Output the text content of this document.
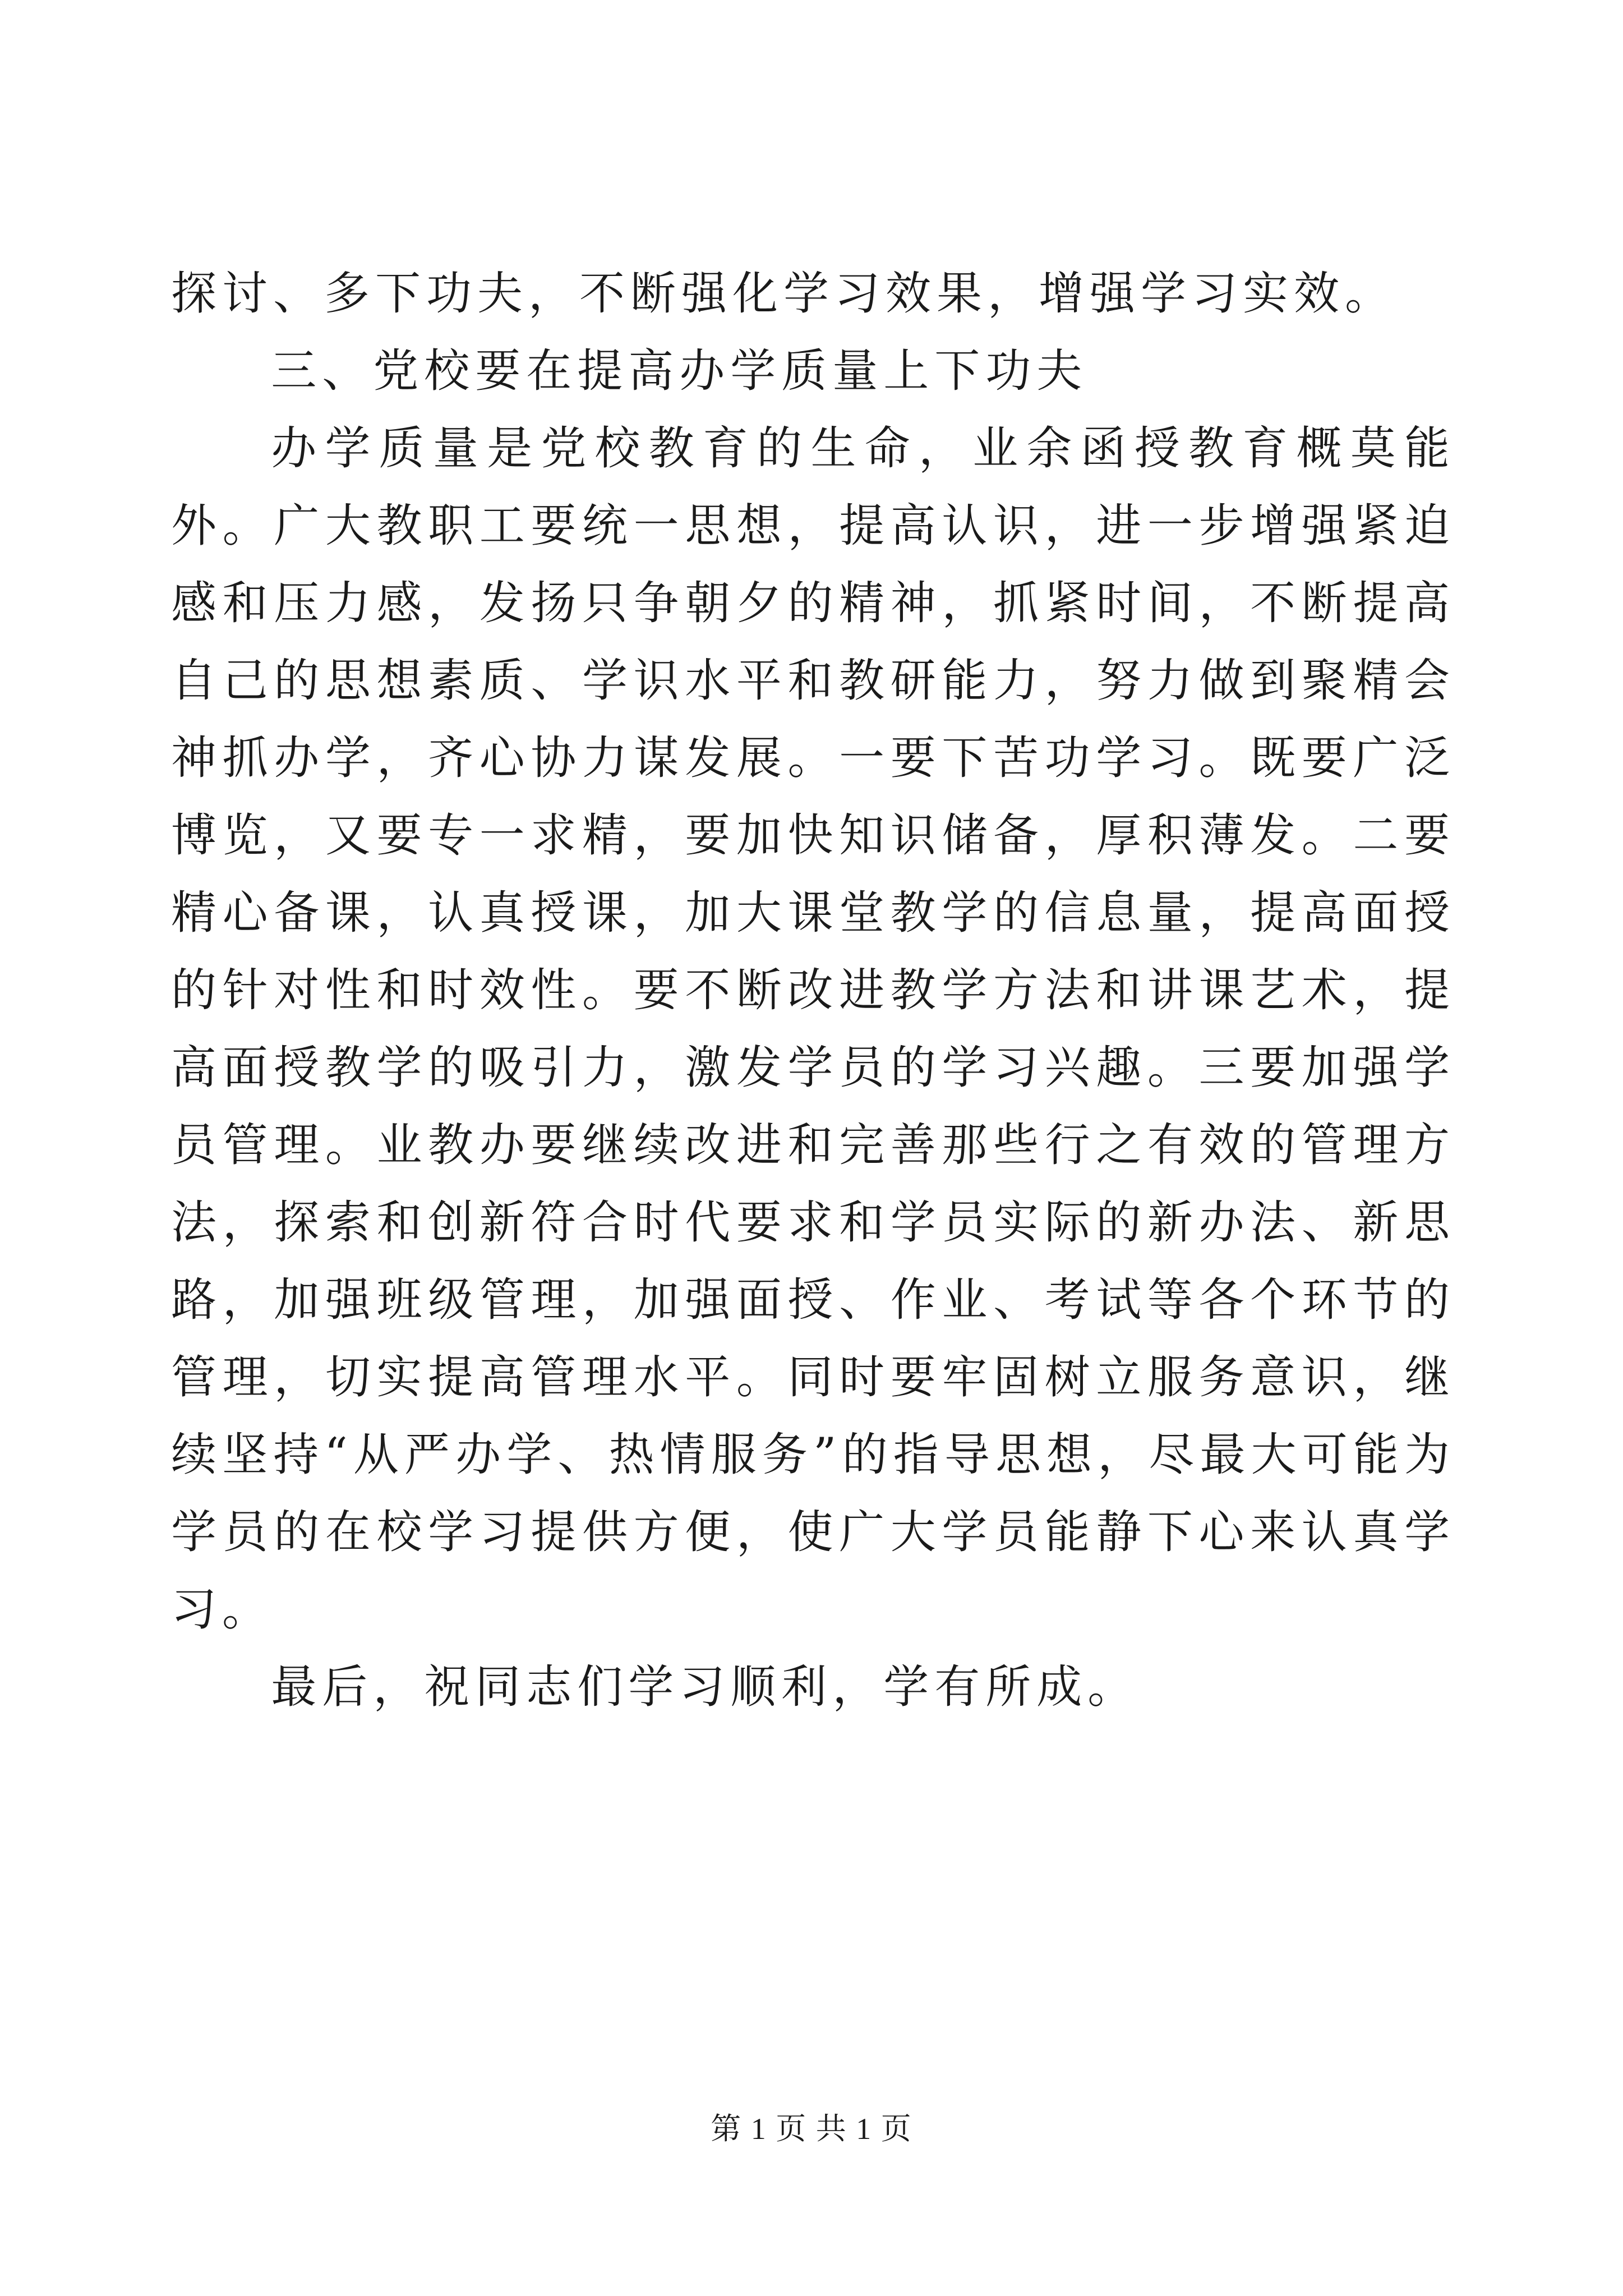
探讨、多下功夫，不断强化学习效果，增强学习实效。

三、党校要在提高办学质量上下功夫

办学质量是党校教育的生命，业余函授教育概莫能外。广大教职工要统一思想，提高认识，进一步增强紧迫感和压力感，发扬只争朝夕的精神，抓紧时间，不断提高自己的思想素质、学识水平和教研能力，努力做到聚精会神抓办学，齐心协力谋发展。一要下苦功学习。既要广泛博览，又要专一求精，要加快知识储备，厚积薄发。二要精心备课，认真授课，加大课堂教学的信息量，提高面授的针对性和时效性。要不断改进教学方法和讲课艺术，提高面授教学的吸引力，激发学员的学习兴趣。三要加强学员管理。业教办要继续改进和完善那些行之有效的管理方法，探索和创新符合时代要求和学员实际的新办法、新思路，加强班级管理，加强面授、作业、考试等各个环节的管理，切实提高管理水平。同时要牢固树立服务意识，继续坚持“从严办学、热情服务”的指导思想，尽最大可能为学员的在校学习提供方便，使广大学员能静下心来认真学习。

最后，祝同志们学习顺利，学有所成。

第 1 页 共 1 页
